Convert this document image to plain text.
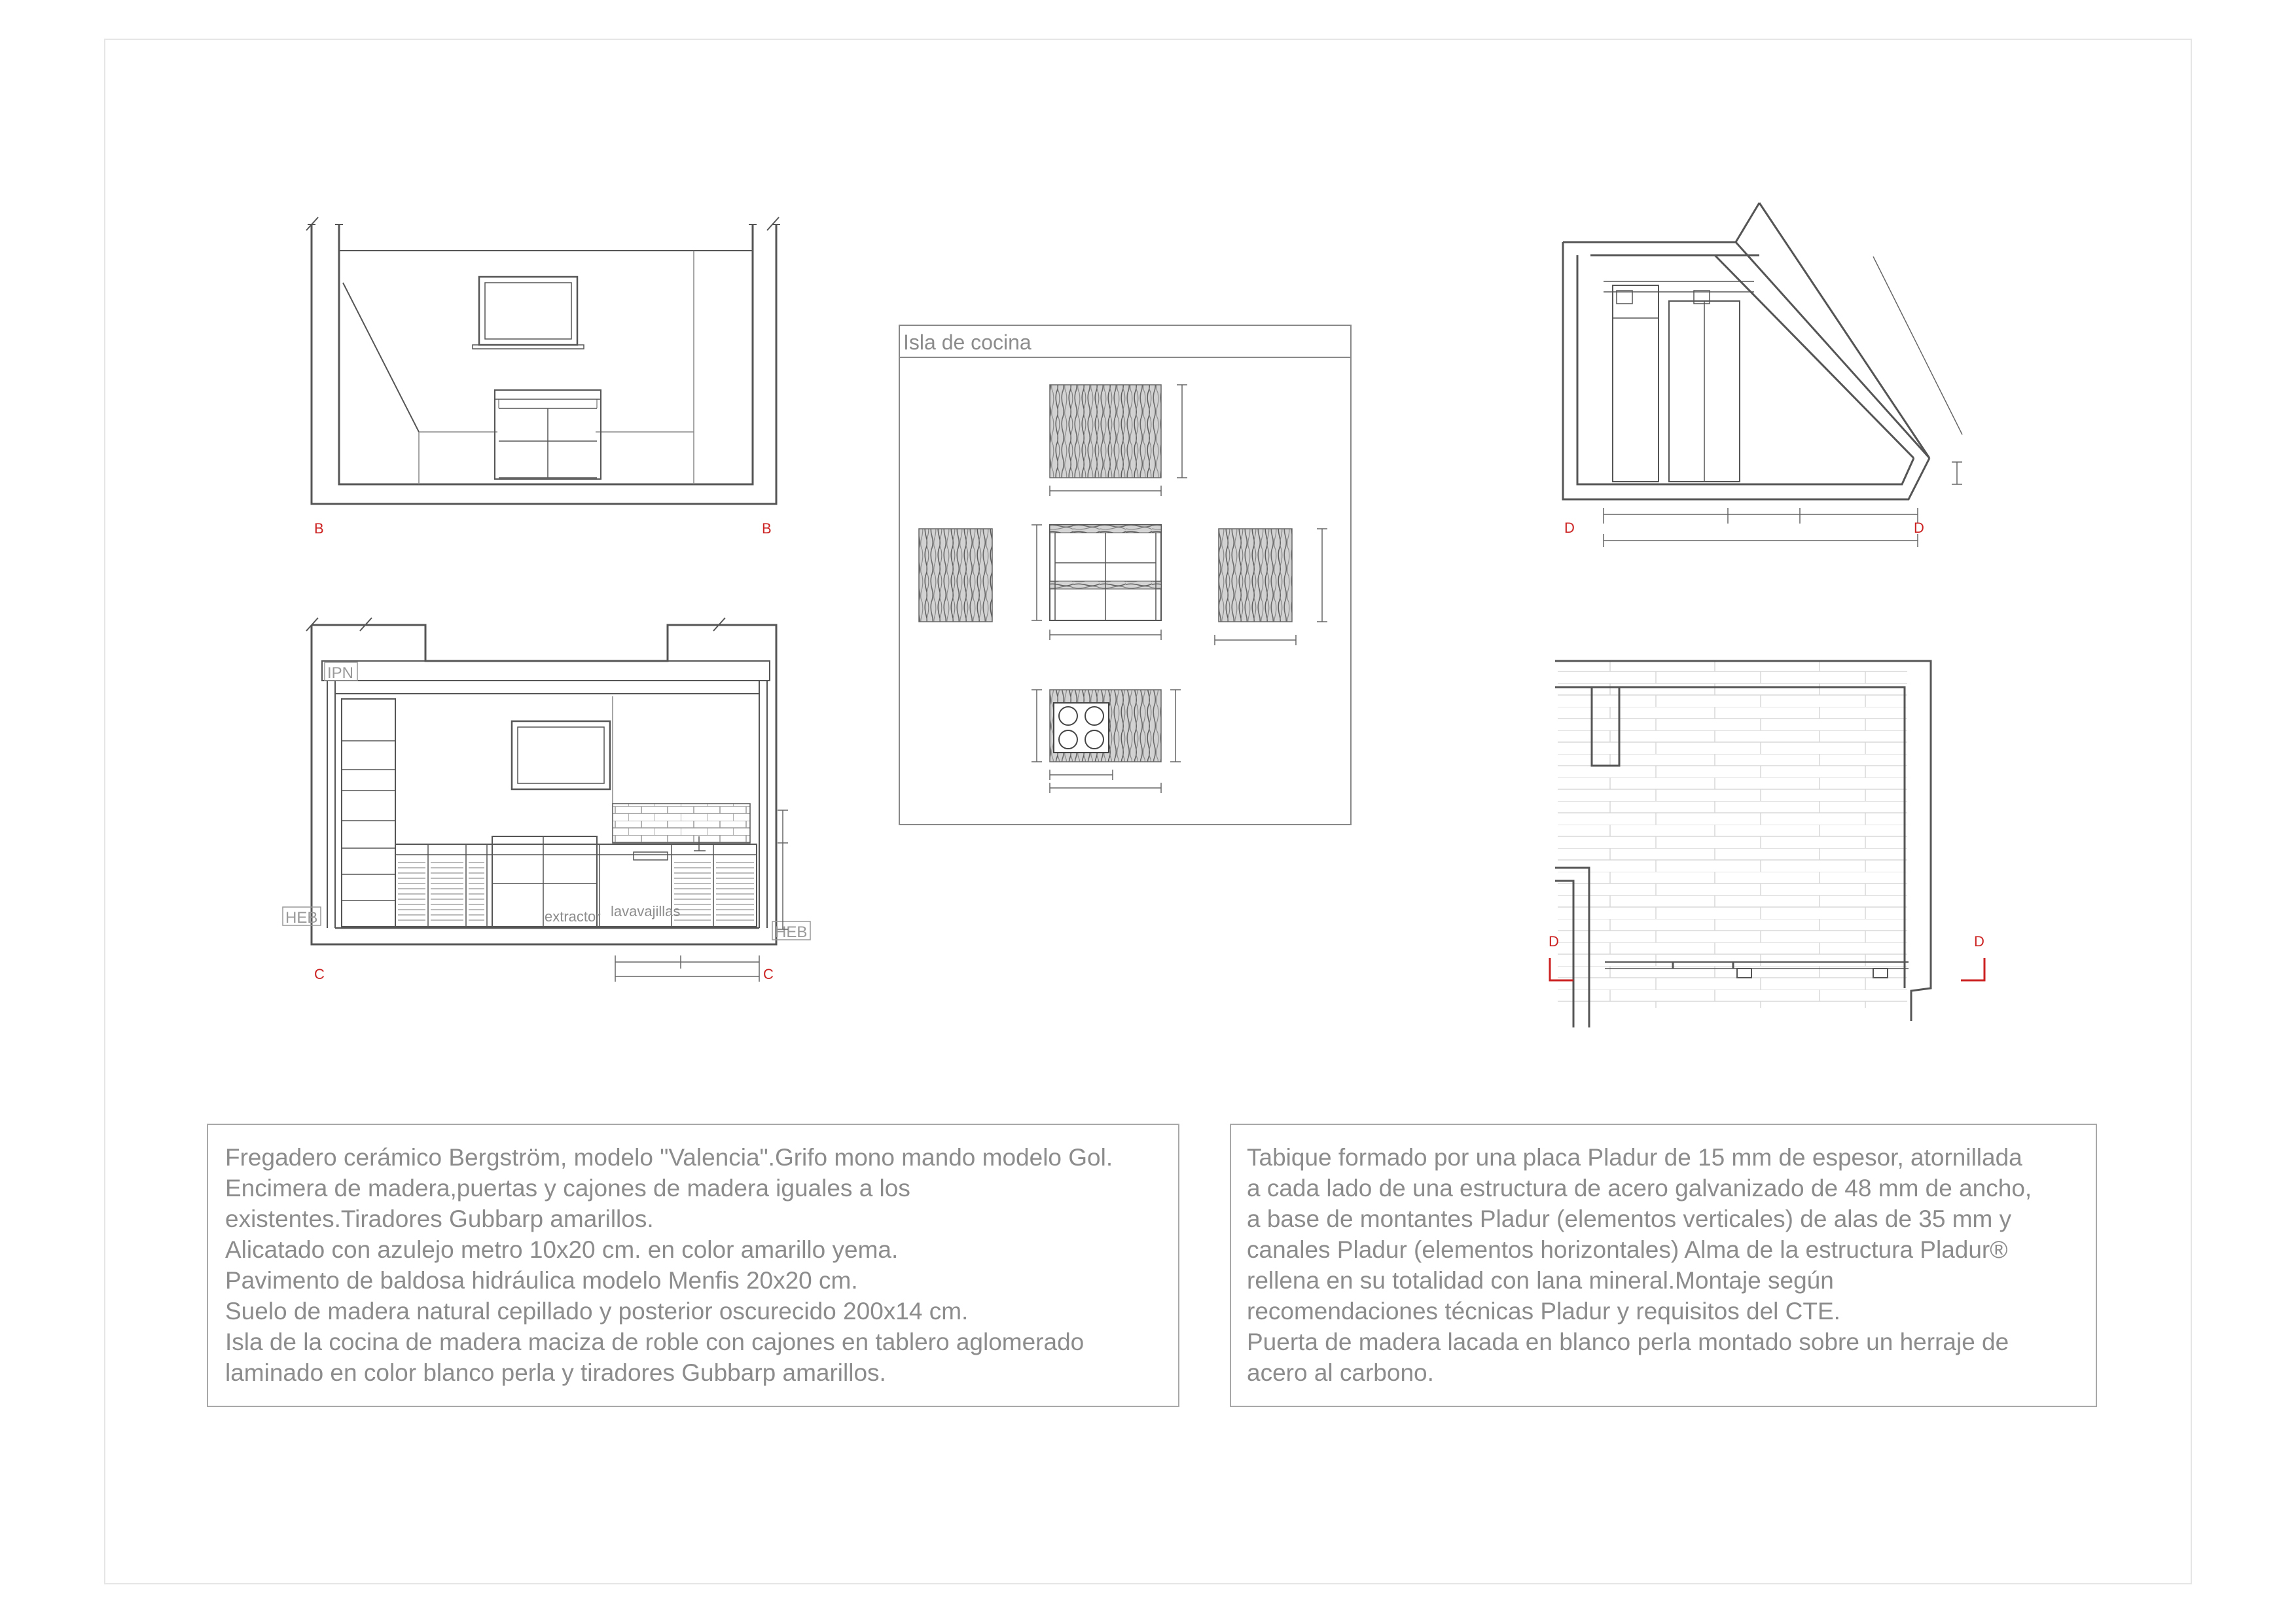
B	B
IPN
HEB
HEB
extractor lavavajillas
C	C
Isla de cocina
D	D
D	D
Fregadero cerámico Bergström, modelo "Valencia".Grifo mono mando modelo Gol.
Encimera de madera,puertas y cajones de madera iguales a los
existentes.Tiradores Gubbarp amarillos.
Alicatado con azulejo metro 10x20 cm. en color amarillo yema.
Pavimento de baldosa hidráulica modelo Menfis 20x20 cm.
Suelo de madera natural cepillado y posterior oscurecido 200x14 cm.
Isla de la cocina de madera maciza de roble con cajones en tablero aglomerado
laminado en color blanco perla y tiradores Gubbarp amarillos.
Tabique formado por una placa Pladur de 15 mm de espesor, atornillada
a cada lado de una estructura de acero galvanizado de 48 mm de ancho,
a base de montantes Pladur (elementos verticales) de alas de 35 mm y
canales Pladur (elementos horizontales) Alma de la estructura Pladur®
rellena en su totalidad con lana mineral.Montaje según
recomendaciones técnicas Pladur y requisitos del CTE.
Puerta de madera lacada en blanco perla montado sobre un herraje de
acero al carbono.
